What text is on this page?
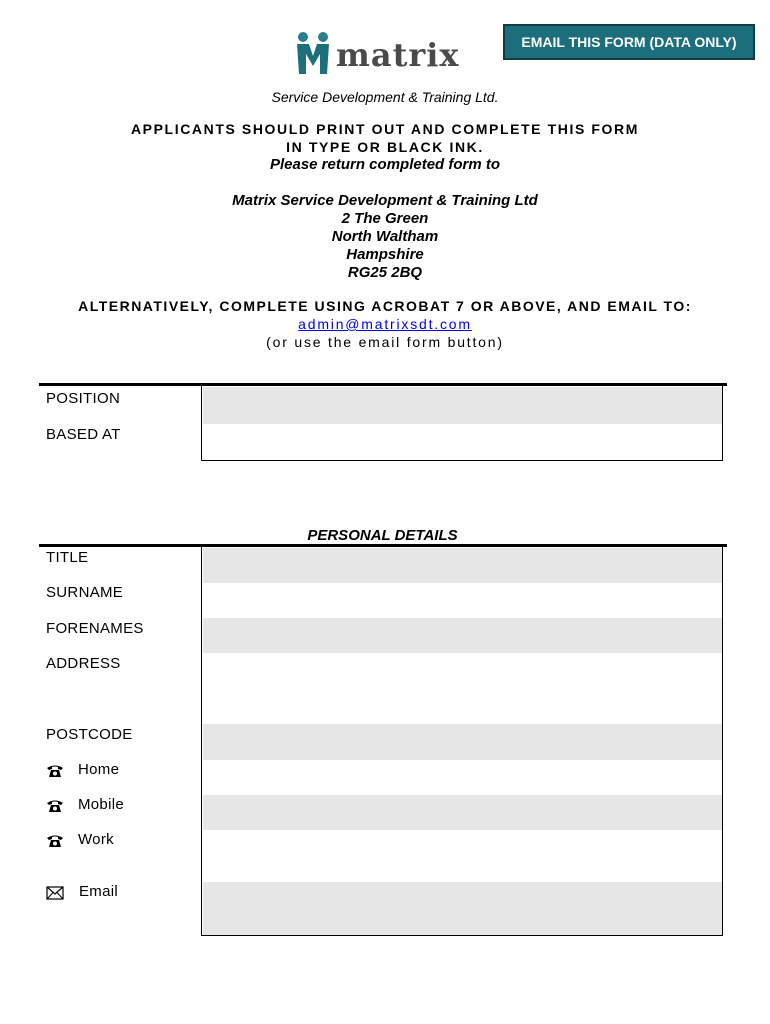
EMAIL THIS FORM (DATA ONLY)
matrix
Service Development & Training Ltd.
APPLICANTS SHOULD PRINT OUT AND COMPLETE THIS FORM
IN TYPE OR BLACK INK.
Please return completed form to
Matrix Service Development & Training Ltd
2 The Green
North Waltham
Hampshire
RG25 2BQ
ALTERNATIVELY, COMPLETE USING ACROBAT 7 OR ABOVE, AND EMAIL TO:
admin@matrixsdt.com
(or use the email form button)
POSITION
BASED AT
PERSONAL DETAILS
TITLE
SURNAME
FORENAMES
ADDRESS
POSTCODE
Home
Mobile
Work
Email
